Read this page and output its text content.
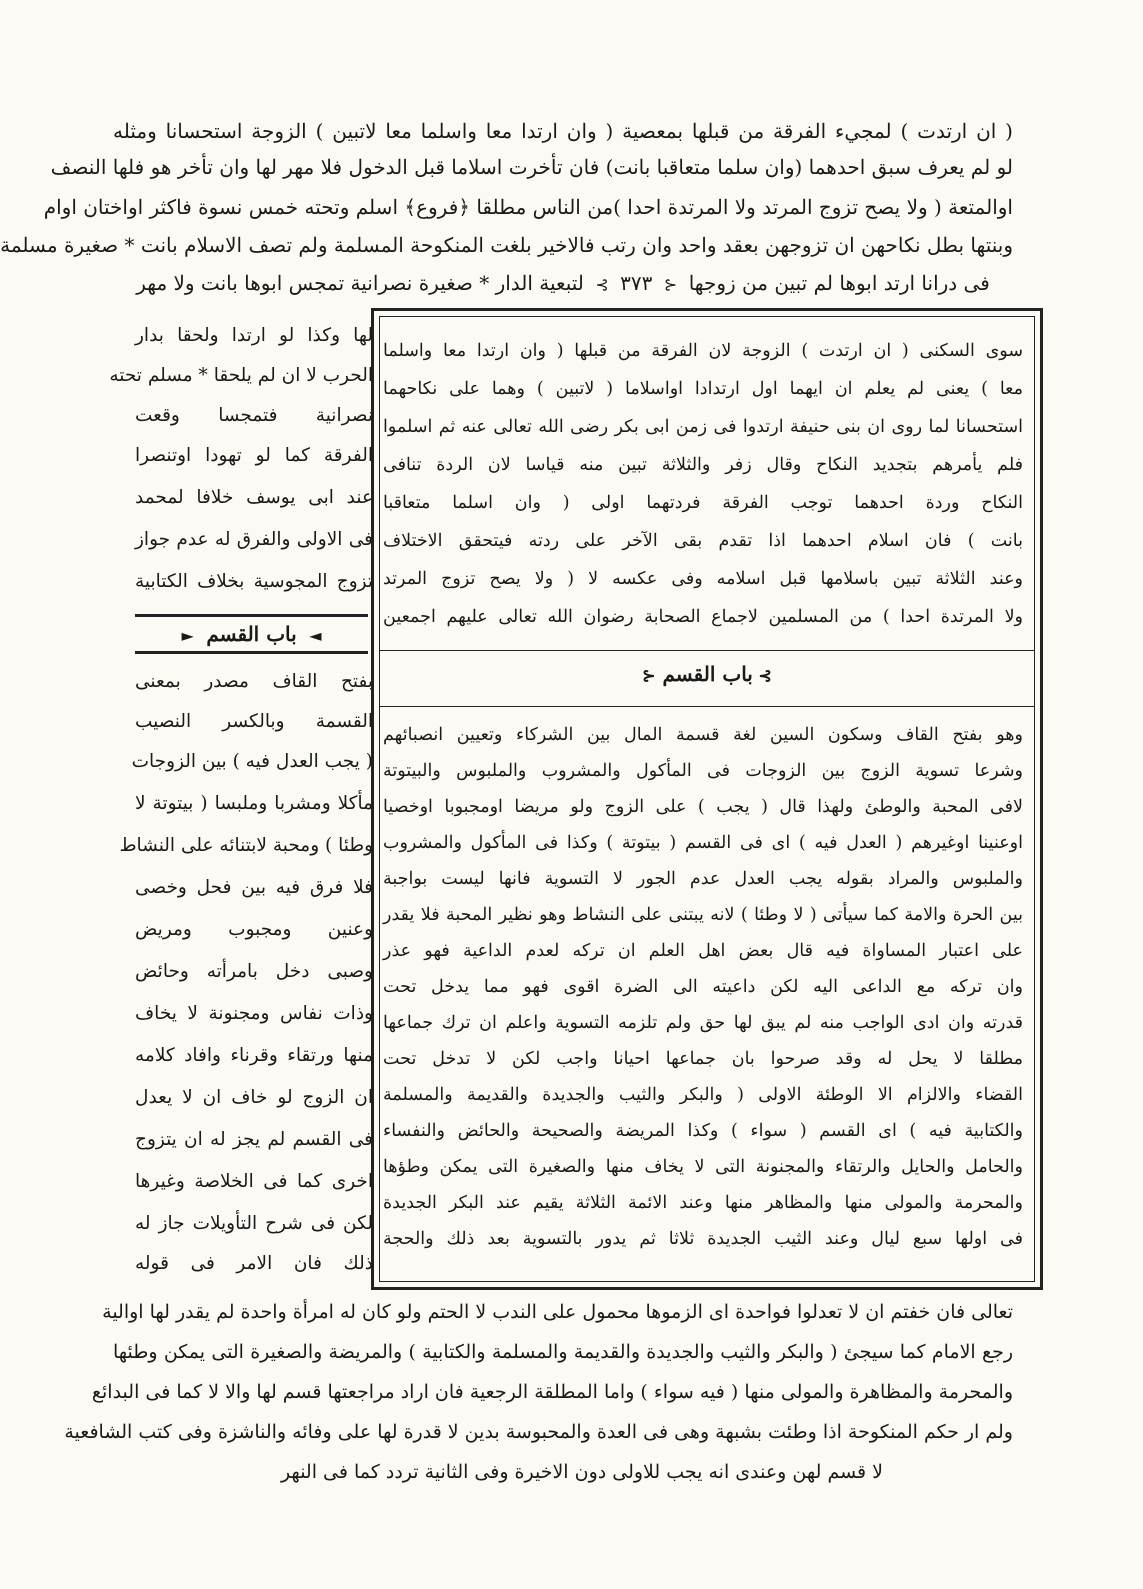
( ان ارتدت ) لمجيء الفرقة من قبلها بمعصية ( وان ارتدا معا واسلما معا لاتبين ) الزوجة استحسانا ومثله
لو لم يعرف سبق احدهما (وان سلما متعاقبا بانت) فان تأخرت اسلاما قبل الدخول فلا مهر لها وان تأخر هو فلها النصف
اوالمتعة ( ولا يصح تزوج المرتد ولا المرتدة احدا )من الناس مطلقا ﴿فروع﴾ اسلم وتحته خمس نسوة فاكثر اواختان اوام
وبنتها بطل نكاحهن ان تزوجهن بعقد واحد وان رتب فالاخير بلغت المنكوحة المسلمة ولم تصف الاسلام بانت * صغيرة مسلمة
فى درانا ارتد ابوها لم تبين من زوجها  ⊰  ٣٧٣  ⊱  لتبعية الدار * صغيرة نصرانية تمجس ابوها بانت ولا مهر
سوى السكنى ( ان ارتدت ) الزوجة لان الفرقة من قبلها ( وان ارتدا معا واسلما
معا ) يعنى لم يعلم ان ايهما اول ارتدادا اواسلاما ( لاتبين ) وهما على نكاحهما
استحسانا لما روى ان بنى حنيفة ارتدوا فى زمن ابى بكر رضى الله تعالى عنه ثم اسلموا
فلم يأمرهم بتجديد النكاح وقال زفر والثلاثة تبين منه قياسا لان الردة تنافى
النكاح وردة احدهما توجب الفرقة فردتهما اولى ( وان اسلما متعاقبا
بانت ) فان اسلام احدهما اذا تقدم بقى الآخر على ردته فيتحقق الاختلاف
وعند الثلاثة تبين باسلامها قبل اسلامه وفى عكسه لا ( ولا يصح تزوج المرتد
ولا المرتدة احدا ) من المسلمين لاجماع الصحابة رضوان الله تعالى عليهم اجمعين
⊱ باب القسم ⊰
وهو بفتح القاف وسكون السين لغة قسمة المال بين الشركاء وتعيين انصبائهم
وشرعا تسوية الزوج بين الزوجات فى المأكول والمشروب والملبوس والبيتوتة
لافى المحبة والوطئ ولهذا قال ( يجب ) على الزوج ولو مريضا اومجبوبا اوخصيا
اوعنينا اوغيرهم ( العدل فيه ) اى فى القسم ( بيتوتة ) وكذا فى المأكول والمشروب
والملبوس والمراد بقوله يجب العدل عدم الجور لا التسوية فانها ليست بواجبة
بين الحرة والامة كما سيأتى ( لا وطئا ) لانه يبتنى على النشاط وهو نظير المحبة فلا يقدر
على اعتبار المساواة فيه قال بعض اهل العلم ان تركه لعدم الداعية فهو عذر
وان تركه مع الداعى اليه لكن داعيته الى الضرة اقوى فهو مما يدخل تحت
قدرته وان ادى الواجب منه لم يبق لها حق ولم تلزمه التسوية واعلم ان ترك جماعها
مطلقا لا يحل له وقد صرحوا بان جماعها احيانا واجب لكن لا تدخل تحت
القضاء والالزام الا الوطئة الاولى ( والبكر والثيب والجديدة والقديمة والمسلمة
والكتابية فيه ) اى القسم ( سواء ) وكذا المريضة والصحيحة والحائض والنفساء
والحامل والحايل والرتقاء والمجنونة التى لا يخاف منها والصغيرة التى يمكن وطؤها
والمحرمة والمولى منها والمظاهر منها وعند الائمة الثلاثة يقيم عند البكر الجديدة
فى اولها سبع ليال وعند الثيب الجديدة ثلاثا ثم يدور بالتسوية بعد ذلك والحجة
لها وكذا لو ارتدا ولحقا بدار
الحرب لا ان لم يلحقا * مسلم تحته
نصرانية فتمجسا وقعت
الفرقة كما لو تهودا اوتنصرا
عند ابى يوسف خلافا لمحمد
فى الاولى والفرق له عدم جواز
تزوج المجوسية بخلاف الكتابية
◄  باب القسم  ►
بفتح القاف مصدر بمعنى
القسمة وبالكسر النصيب
( يجب العدل فيه ) بين الزوجات
مأكلا ومشربا وملبسا ( بيتوتة لا
وطئا ) ومحبة لابتنائه على النشاط
فلا فرق فيه بين فحل وخصى
وعنين ومجبوب ومريض
وصبى دخل بامرأته وحائض
وذات نفاس ومجنونة لا يخاف
منها ورتقاء وقرناء وافاد كلامه
ان الزوج لو خاف ان لا يعدل
فى القسم لم يجز له ان يتزوج
اخرى كما فى الخلاصة وغيرها
لكن فى شرح التأويلات جاز له
ذلك فان الامر فى قوله
تعالى فان خفتم ان لا تعدلوا فواحدة اى الزموها محمول على الندب لا الحتم ولو كان له امرأة واحدة لم يقدر لها اوالية
رجع الامام كما سيجئ ( والبكر والثيب والجديدة والقديمة والمسلمة والكتابية ) والمريضة والصغيرة التى يمكن وطئها
والمحرمة والمظاهرة والمولى منها ( فيه سواء ) واما المطلقة الرجعية فان اراد مراجعتها قسم لها والا لا كما فى البدائع
ولم ار حكم المنكوحة اذا وطئت بشبهة وهى فى العدة والمحبوسة بدين لا قدرة لها على وفائه والناشزة وفى كتب الشافعية
لا قسم لهن وعندى انه يجب للاولى دون الاخيرة وفى الثانية تردد كما فى النهر
